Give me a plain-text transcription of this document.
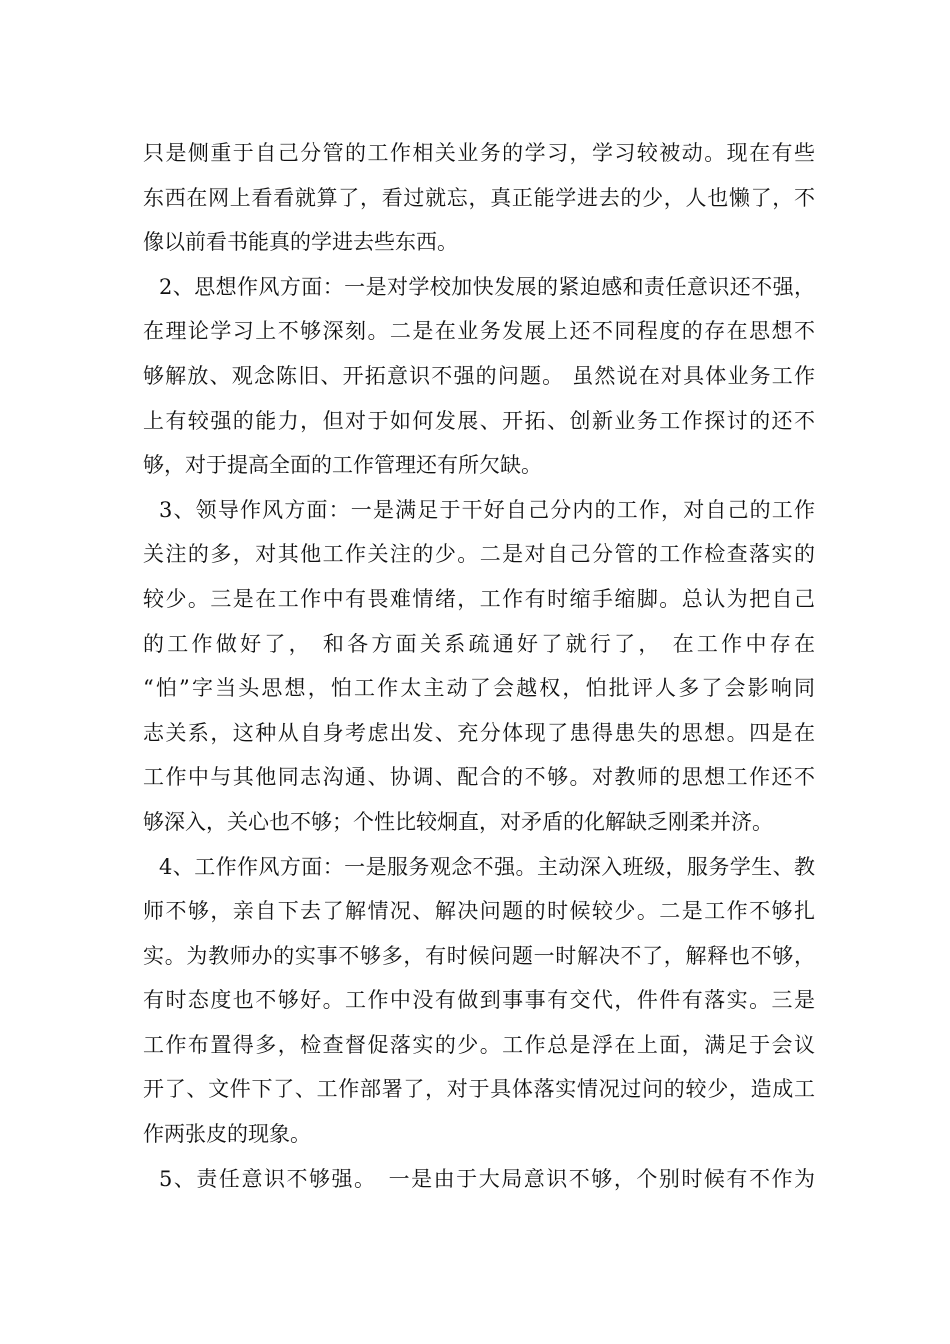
只是侧重于自己分管的工作相关业务的学习，学习较被动。现在有些
东西在网上看看就算了，看过就忘，真正能学进去的少，人也懒了，不
像以前看书能真的学进去些东西。
2、思想作风方面：一是对学校加快发展的紧迫感和责任意识还不强，
在理论学习上不够深刻。二是在业务发展上还不同程度的存在思想不
够解放、观念陈旧、开拓意识不强的问题。 虽然说在对具体业务工作
上有较强的能力，但对于如何发展、开拓、创新业务工作探讨的还不
够，对于提高全面的工作管理还有所欠缺。
3、领导作风方面：一是满足于干好自己分内的工作，对自己的工作
关注的多，对其他工作关注的少。二是对自己分管的工作检查落实的
较少。三是在工作中有畏难情绪，工作有时缩手缩脚。总认为把自己
的工作做好了， 和各方面关系疏通好了就行了， 在工作中存在
“怕”字当头思想，怕工作太主动了会越权，怕批评人多了会影响同
志关系，这种从自身考虑出发、充分体现了患得患失的思想。四是在
工作中与其他同志沟通、协调、配合的不够。对教师的思想工作还不
够深入，关心也不够；个性比较炯直，对矛盾的化解缺乏刚柔并济。
4、工作作风方面：一是服务观念不强。主动深入班级，服务学生、教
师不够，亲自下去了解情况、解决问题的时候较少。二是工作不够扎
实。为教师办的实事不够多，有时候问题一时解决不了，解释也不够，
有时态度也不够好。工作中没有做到事事有交代，件件有落实。三是
工作布置得多，检查督促落实的少。工作总是浮在上面，满足于会议
开了、文件下了、工作部署了，对于具体落实情况过问的较少，造成工
作两张皮的现象。
5、责任意识不够强。　一是由于大局意识不够，个别时候有不作为
